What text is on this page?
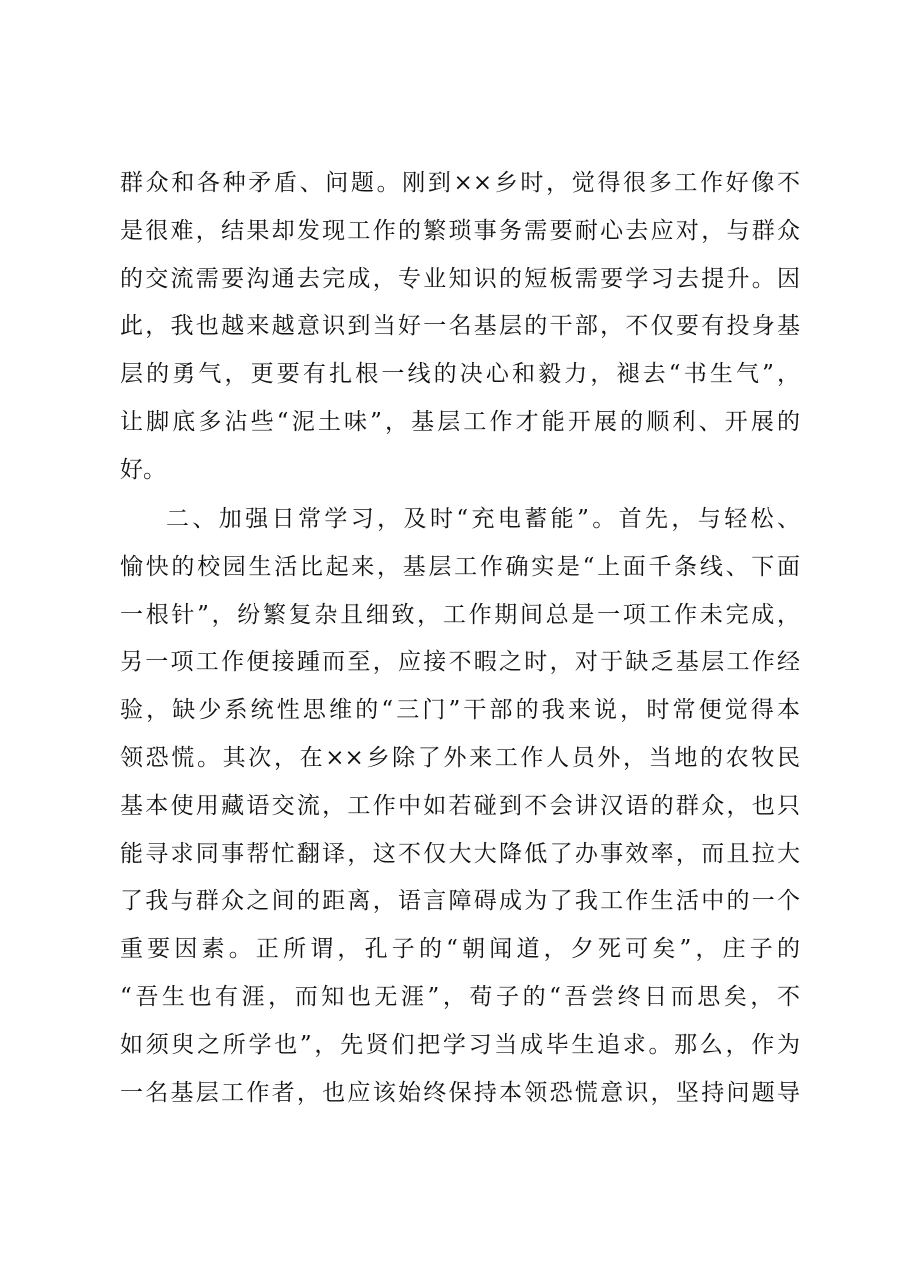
群众和各种矛盾、问题。刚到××乡时，觉得很多工作好像不
是很难，结果却发现工作的繁琐事务需要耐心去应对，与群众
的交流需要沟通去完成，专业知识的短板需要学习去提升。因
此，我也越来越意识到当好一名基层的干部，不仅要有投身基
层的勇气，更要有扎根一线的决心和毅力，褪去“书生气”，
让脚底多沾些“泥土味”，基层工作才能开展的顺利、开展的
好。
二、加强日常学习，及时“充电蓄能”。首先，与轻松、
愉快的校园生活比起来，基层工作确实是“上面千条线、下面
一根针”，纷繁复杂且细致，工作期间总是一项工作未完成，
另一项工作便接踵而至，应接不暇之时，对于缺乏基层工作经
验，缺少系统性思维的“三门”干部的我来说，时常便觉得本
领恐慌。其次，在××乡除了外来工作人员外，当地的农牧民
基本使用藏语交流，工作中如若碰到不会讲汉语的群众，也只
能寻求同事帮忙翻译，这不仅大大降低了办事效率，而且拉大
了我与群众之间的距离，语言障碍成为了我工作生活中的一个
重要因素。正所谓，孔子的“朝闻道，夕死可矣”，庄子的
“吾生也有涯，而知也无涯”，荀子的“吾尝终日而思矣，不
如须臾之所学也”，先贤们把学习当成毕生追求。那么，作为
一名基层工作者，也应该始终保持本领恐慌意识，坚持问题导
